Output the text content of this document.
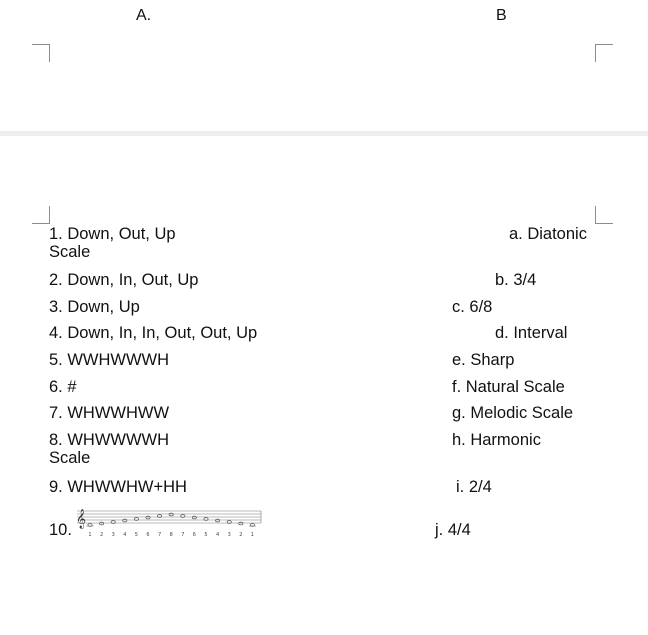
A.	B
1. Down, Out, Up
Scale
2. Down, In, Out, Up
3. Down, Up
4. Down, In, In, Out, Out, Up
5. WWHWWWH
6. #
7. WHWWHWW
8. WHWWWWH
Scale
9. WHWWHW+HH
10.
𝄞
1 2 3 4 5 6 7 8 7 6 5 4 3 2 1
a. Diatonic
b. 3/4
c. 6/8
d. Interval
e. Sharp
f. Natural Scale
g. Melodic Scale
h. Harmonic
i. 2/4
j. 4/4
